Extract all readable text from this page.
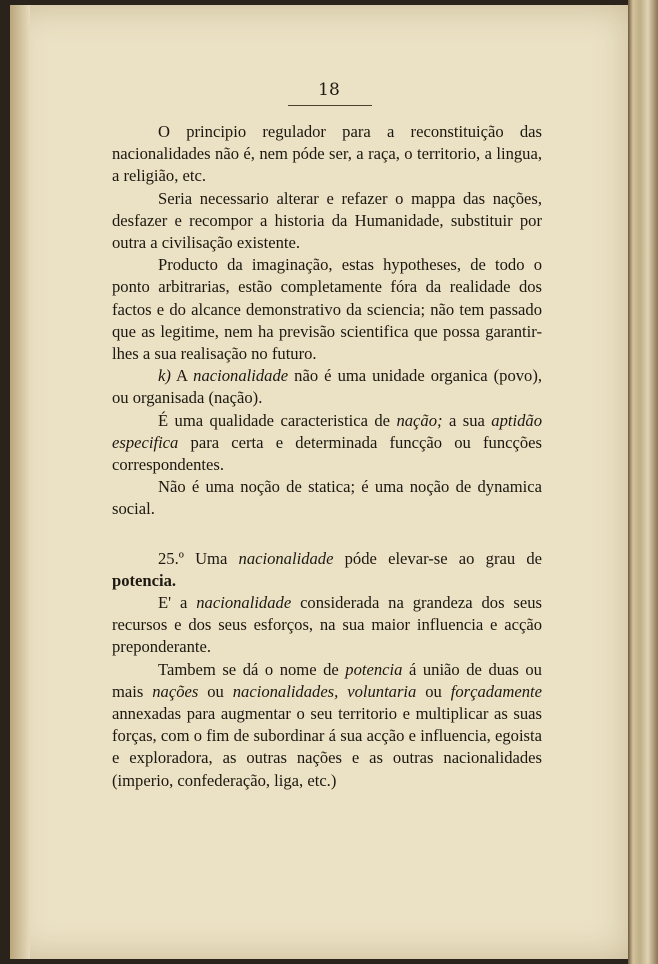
18

O principio regulador para a reconstituição das nacionalidades não é, nem póde ser, a raça, o territorio, a lingua, a religião, etc.

Seria necessario alterar e refazer o mappa das nações, desfazer e recompor a historia da Humanidade, substituir por outra a civilisação existente.

Producto da imaginação, estas hypotheses, de todo o ponto arbitrarias, estão completamente fóra da realidade dos factos e do alcance demonstrativo da sciencia; não tem passado que as legitime, nem ha previsão scientifica que possa garantir-lhes a sua realisação no futuro.

k) A nacionalidade não é uma unidade organica (povo), ou organisada (nação).

É uma qualidade caracteristica de nação; a sua aptidão especifica para certa e determinada funcção ou funcções correspondentes.

Não é uma noção de statica; é uma noção de dynamica social.

25.º Uma nacionalidade póde elevar-se ao grau de potencia.

E' a nacionalidade considerada na grandeza dos seus recursos e dos seus esforços, na sua maior influencia e acção preponderante.

Tambem se dá o nome de potencia á união de duas ou mais nações ou nacionalidades, voluntaria ou forçadamente annexadas para augmentar o seu territorio e multiplicar as suas forças, com o fim de subordinar á sua acção e influencia, egoista e exploradora, as outras nações e as outras nacionalidades (imperio, confederação, liga, etc.)
